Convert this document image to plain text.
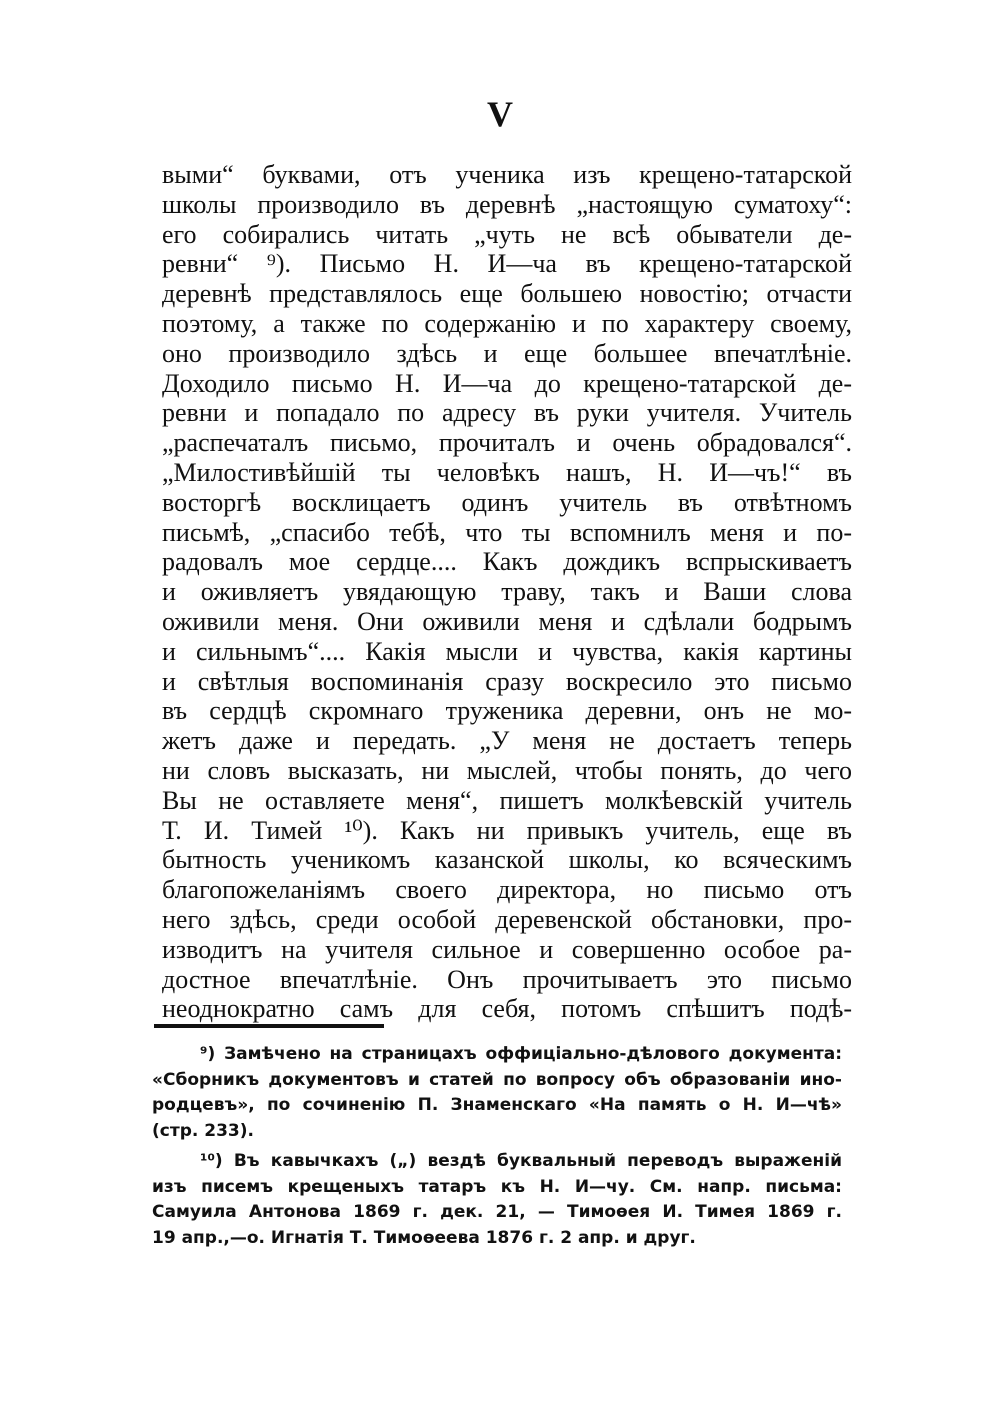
V
выми“ буквами, отъ ученика изъ крещено-татарской
школы производило въ деревнѣ „настоящую суматоху“:
его собирались читать „чуть не всѣ обыватели де-
ревни“ ⁹). Письмо Н. И—ча въ крещено-татарской
деревнѣ представлялось еще большею новостію; отчасти
поэтому, а также по содержанію и по характеру своему,
оно производило здѣсь и еще большее впечатлѣніе.
Доходило письмо Н. И—ча до крещено-татарской де-
ревни и попадало по адресу въ руки учителя. Учитель
„распечаталъ письмо, прочиталъ и очень обрадовался“.
„Милостивѣйшій ты человѣкъ нашъ, Н. И—чъ!“ въ
восторгѣ восклицаетъ одинъ учитель въ отвѣтномъ
письмѣ, „спасибо тебѣ, что ты вспомнилъ меня и по-
радовалъ мое сердце.... Какъ дождикъ вспрыскиваетъ
и оживляетъ увядающую траву, такъ и Ваши слова
оживили меня. Они оживили меня и сдѣлали бодрымъ
и сильнымъ“.... Какія мысли и чувства, какія картины
и свѣтлыя воспоминанія сразу воскресило это письмо
въ сердцѣ скромнаго труженика деревни, онъ не мо-
жетъ даже и передать. „У меня не достаетъ теперь
ни словъ высказать, ни мыслей, чтобы понять, до чего
Вы не оставляете меня“, пишетъ молкѣевскій учитель
Т. И. Тимей ¹⁰). Какъ ни привыкъ учитель, еще въ
бытность ученикомъ казанской школы, ко всяческимъ
благопожеланіямъ своего директора, но письмо отъ
него здѣсь, среди особой деревенской обстановки, про-
изводитъ на учителя сильное и совершенно особое ра-
достное впечатлѣніе. Онъ прочитываетъ это письмо
неоднократно самъ для себя, потомъ спѣшитъ подѣ-
⁹) Замѣчено на страницахъ оффиціально-дѣлового документа:
«Сборникъ документовъ и статей по вопросу объ образованіи ино-
родцевъ», по сочиненію П. Знаменскаго «На память о Н. И—чѣ»
(стр. 233).
¹⁰) Въ кавычкахъ („) вездѣ буквальный переводъ выраженій
изъ писемъ крещеныхъ татаръ къ Н. И—чу. См. напр. письма:
Самуила Антонова 1869 г. дек. 21, — Тимоѳея И. Тимея 1869 г.
19 апр.,—о. Игнатія Т. Тимоѳеева 1876 г. 2 апр. и друг.
